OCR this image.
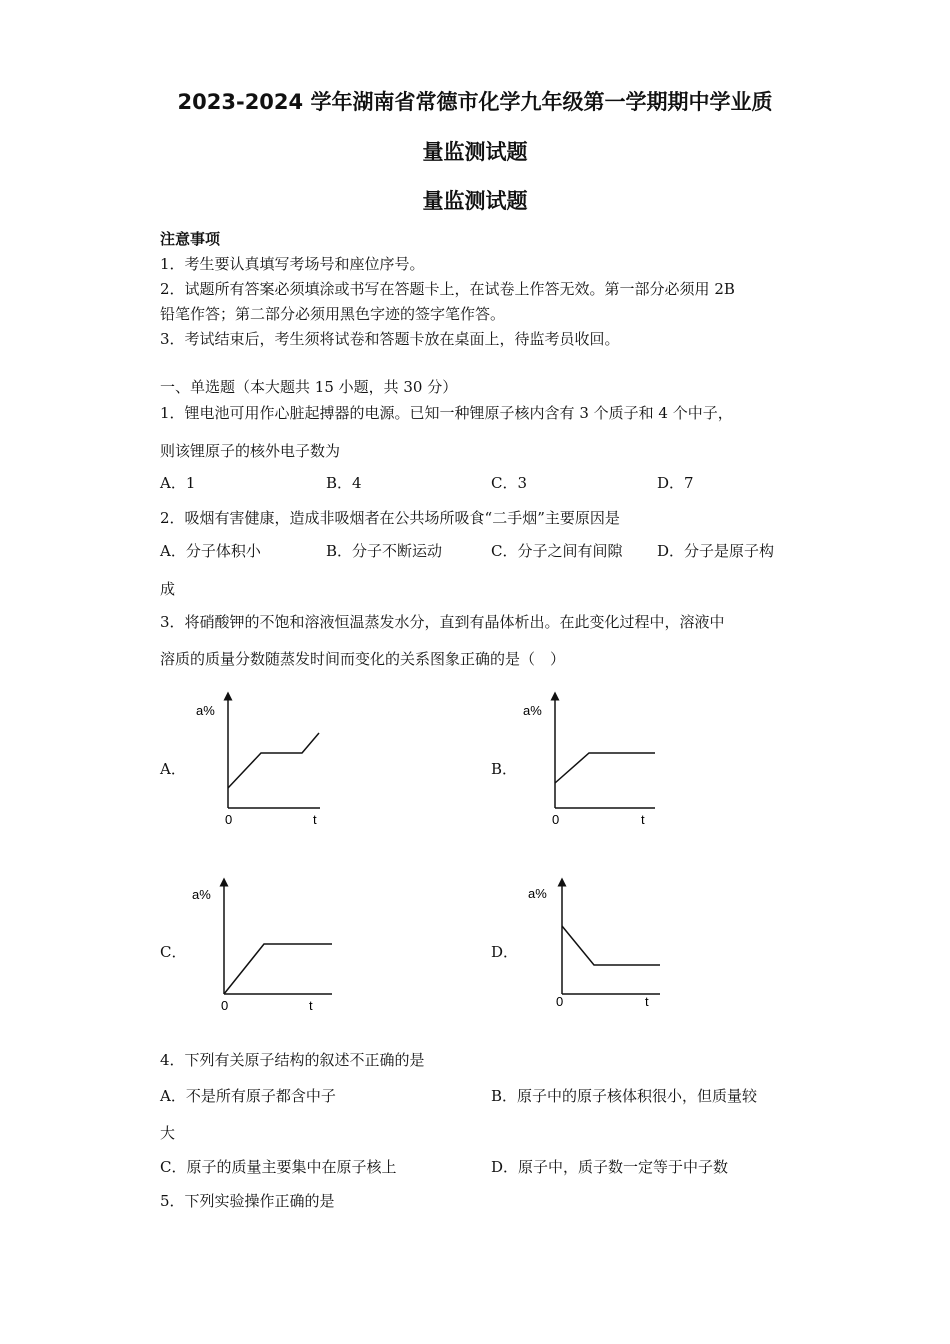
2023-2024 学年湖南省常德市化学九年级第一学期期中学业质
量监测试题
量监测试题
注意事项
1．考生要认真填写考场号和座位序号。
2．试题所有答案必须填涂或书写在答题卡上，在试卷上作答无效。第一部分必须用 2B
铅笔作答；第二部分必须用黑色字迹的签字笔作答。
3．考试结束后，考生须将试卷和答题卡放在桌面上，待监考员收回。
一、单选题（本大题共 15 小题，共 30 分）
1．锂电池可用作心脏起搏器的电源。已知一种锂原子核内含有 3 个质子和 4 个中子，
则该锂原子的核外电子数为
A．1	B．4	C．3	D．7
2．吸烟有害健康，造成非吸烟者在公共场所吸食“二手烟”主要原因是
A．分子体积小	B．分子不断运动	C．分子之间有间隙 D．分子是原子构
成
3．将硝酸钾的不饱和溶液恒温蒸发水分，直到有晶体析出。在此变化过程中，溶液中
溶质的质量分数随蒸发时间而变化的关系图象正确的是（　）
A．	B．
C．	D．
a%
0	t
a%
0	t
a%
0	t
a%
0	t
4．下列有关原子结构的叙述不正确的是
A．不是所有原子都含中子	B．原子中的原子核体积很小，但质量较
大
C．原子的质量主要集中在原子核上	D．原子中，质子数一定等于中子数
5．下列实验操作正确的是
